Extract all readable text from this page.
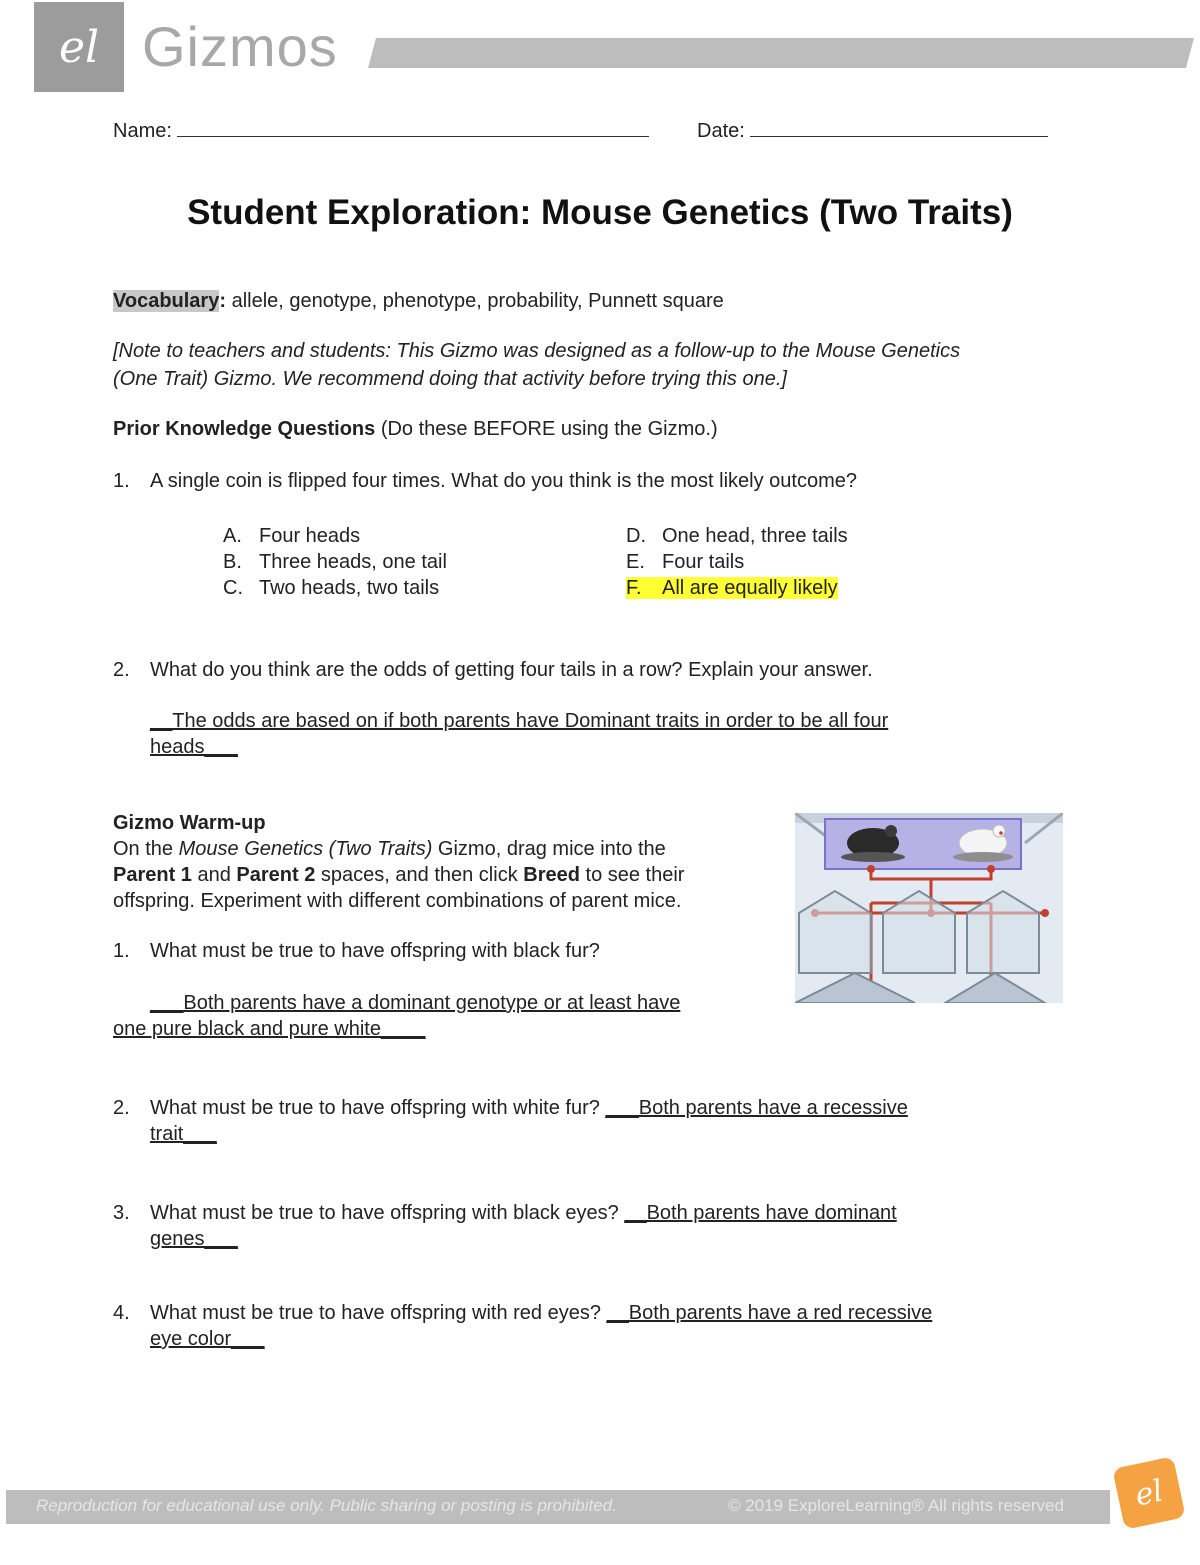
el Gizmos
Name:	Date:
Student Exploration: Mouse Genetics (Two Traits)
Vocabulary: allele, genotype, phenotype, probability, Punnett square
[Note to teachers and students: This Gizmo was designed as a follow-up to the Mouse Genetics
(One Trait) Gizmo. We recommend doing that activity before trying this one.]
Prior Knowledge Questions (Do these BEFORE using the Gizmo.)
1. A single coin is flipped four times. What do you think is the most likely outcome?
A. Four heads
B. Three heads, one tail
C. Two heads, two tails
D. One head, three tails
E. Four tails
F. All are equally likely
2. What do you think are the odds of getting four tails in a row? Explain your answer.
__The odds are based on if both parents have Dominant traits in order to be all four
heads___
Gizmo Warm-up
On the Mouse Genetics (Two Traits) Gizmo, drag mice into the
Parent 1 and Parent 2 spaces, and then click Breed to see their
offspring. Experiment with different combinations of parent mice.
1. What must be true to have offspring with black fur?
___Both parents have a dominant genotype or at least have
one pure black and pure white____
2. What must be true to have offspring with white fur? ___Both parents have a recessive
trait___
3. What must be true to have offspring with black eyes? __Both parents have dominant
genes___
4. What must be true to have offspring with red eyes? __Both parents have a red recessive
eye color___
Reproduction for educational use only. Public sharing or posting is prohibited.	© 2019 ExploreLearning® All rights reserved	el
